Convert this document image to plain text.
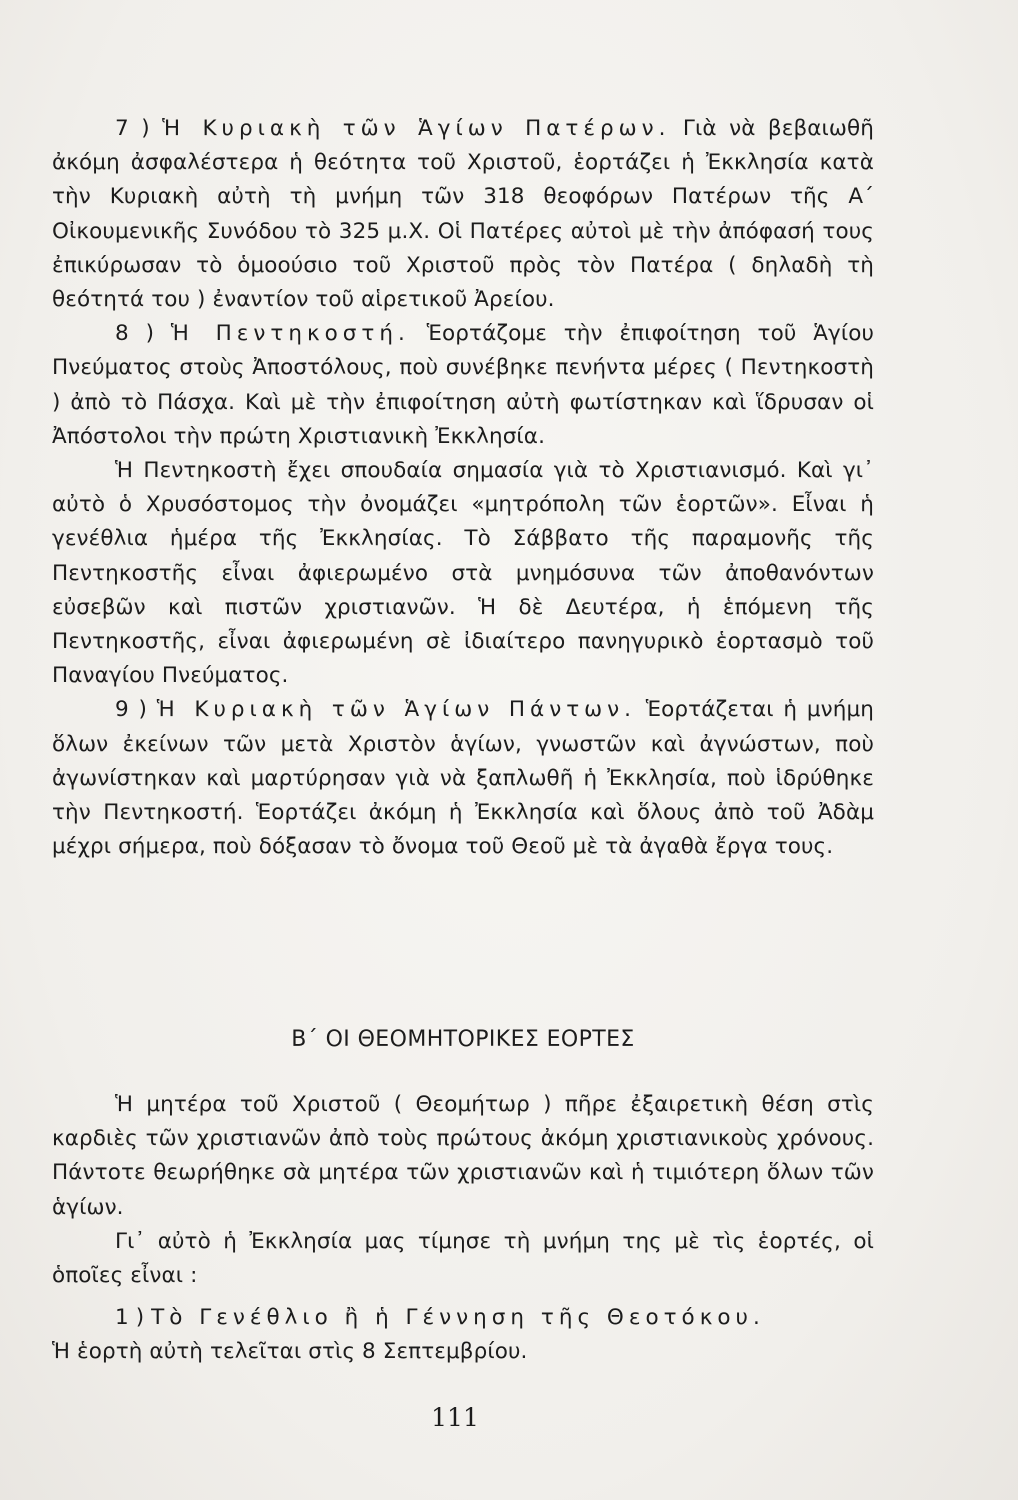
7 ) Ἡ Κυριακὴ τῶν Ἁγίων Πατέρων. Γιὰ νὰ βεβαιωθῆ ἀκόμη ἀσφαλέστερα ἡ θεότητα τοῦ Χριστοῦ, ἑορτάζει ἡ Ἐκκλησία κατὰ τὴν Κυριακὴ αὐτὴ τὴ μνήμη τῶν 318 θεοφόρων Πατέρων τῆς Α΄ Οἰκουμενικῆς Συνόδου τὸ 325 μ.Χ. Οἱ Πατέρες αὐτοὶ μὲ τὴν ἀπόφασή τους ἐπικύρωσαν τὸ ὁμοούσιο τοῦ Χριστοῦ πρὸς τὸν Πατέρα ( δηλαδὴ τὴ θεότητά του ) ἐναντίον τοῦ αἱρετικοῦ Ἀρείου.

8 ) Ἡ Πεντηκοστή. Ἑορτάζομε τὴν ἐπιφοίτηση τοῦ Ἁγίου Πνεύματος στοὺς Ἀποστόλους, ποὺ συνέβηκε πενήντα μέρες ( Πεντηκοστὴ ) ἀπὸ τὸ Πάσχα. Καὶ μὲ τὴν ἐπιφοίτηση αὐτὴ φωτίστηκαν καὶ ἵδρυσαν οἱ Ἀπόστολοι τὴν πρώτη Χριστιανικὴ Ἐκκλησία.

Ἡ Πεντηκοστὴ ἔχει σπουδαία σημασία γιὰ τὸ Χριστιανισμό. Καὶ γι᾽ αὐτὸ ὁ Χρυσόστομος τὴν ὀνομάζει «μητρόπολη τῶν ἑορτῶν». Εἶναι ἡ γενέθλια ἡμέρα τῆς Ἐκκλησίας. Τὸ Σάββατο τῆς παραμονῆς τῆς Πεντηκοστῆς εἶναι ἀφιερωμένο στὰ μνημόσυνα τῶν ἀποθανόντων εὐσεβῶν καὶ πιστῶν χριστιανῶν. Ἡ δὲ Δευτέρα, ἡ ἑπόμενη τῆς Πεντηκοστῆς, εἶναι ἀφιερωμένη σὲ ἰδιαίτερο πανηγυρικὸ ἑορτασμὸ τοῦ Παναγίου Πνεύματος.

9 ) Ἡ Κυριακὴ τῶν Ἁγίων Πάντων. Ἑορτάζεται ἡ μνήμη ὅλων ἐκείνων τῶν μετὰ Χριστὸν ἁγίων, γνωστῶν καὶ ἀγνώστων, ποὺ ἀγωνίστηκαν καὶ μαρτύρησαν γιὰ νὰ ξαπλωθῆ ἡ Ἐκκλησία, ποὺ ἱδρύθηκε τὴν Πεντηκοστή. Ἑορτάζει ἀκόμη ἡ Ἐκκλησία καὶ ὅλους ἀπὸ τοῦ Ἀδὰμ μέχρι σήμερα, ποὺ δόξασαν τὸ ὄνομα τοῦ Θεοῦ μὲ τὰ ἀγαθὰ ἔργα τους.

Β΄ ΟΙ ΘΕΟΜΗΤΟΡΙΚΕΣ ΕΟΡΤΕΣ

Ἡ μητέρα τοῦ Χριστοῦ ( Θεομήτωρ ) πῆρε ἐξαιρετικὴ θέση στὶς καρδιὲς τῶν χριστιανῶν ἀπὸ τοὺς πρώτους ἀκόμη χριστιανικοὺς χρόνους. Πάντοτε θεωρήθηκε σὰ μητέρα τῶν χριστιανῶν καὶ ἡ τιμιότερη ὅλων τῶν ἁγίων.

Γι᾽ αὐτὸ ἡ Ἐκκλησία μας τίμησε τὴ μνήμη της μὲ τὶς ἑορτές, οἱ ὁποῖες εἶναι :

1 ) Τὸ Γενέθλιο ἢ ἡ Γέννηση τῆς Θεοτόκου.

Ἡ ἑορτὴ αὐτὴ τελεῖται στὶς 8 Σεπτεμβρίου.

111
